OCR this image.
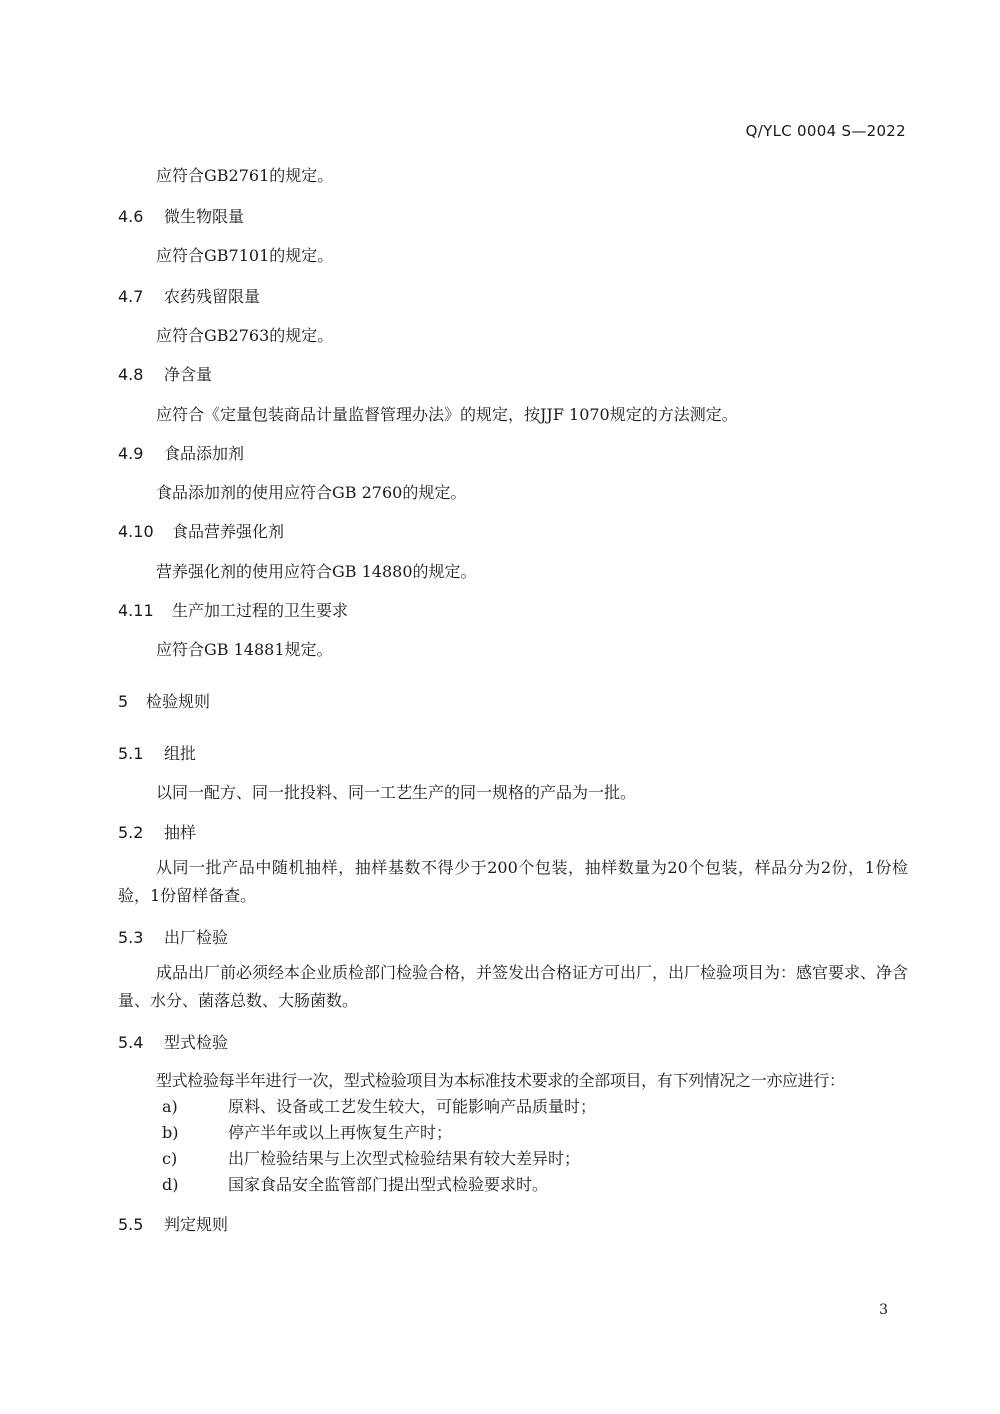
Q/YLC 0004 S—2022
应符合GB2761的规定。
4.6 微生物限量
应符合GB7101的规定。
4.7 农药残留限量
应符合GB2763的规定。
4.8 净含量
应符合《定量包装商品计量监督管理办法》的规定，按JJF 1070规定的方法测定。
4.9 食品添加剂
食品添加剂的使用应符合GB 2760的规定。
4.10 食品营养强化剂
营养强化剂的使用应符合GB 14880的规定。
4.11 生产加工过程的卫生要求
应符合GB 14881规定。
5 检验规则
5.1 组批
以同一配方、同一批投料、同一工艺生产的同一规格的产品为一批。
5.2 抽样
从同一批产品中随机抽样，抽样基数不得少于200个包装，抽样数量为20个包装，样品分为2份，1份检验，1份留样备查。
5.3 出厂检验
成品出厂前必须经本企业质检部门检验合格，并签发出合格证方可出厂，出厂检验项目为：感官要求、净含量、水分、菌落总数、大肠菌数。
5.4 型式检验
型式检验每半年进行一次，型式检验项目为本标准技术要求的全部项目，有下列情况之一亦应进行：
a)	原料、设备或工艺发生较大，可能影响产品质量时；
b)	停产半年或以上再恢复生产时；
c)	出厂检验结果与上次型式检验结果有较大差异时；
d)	国家食品安全监管部门提出型式检验要求时。
5.5 判定规则
3
